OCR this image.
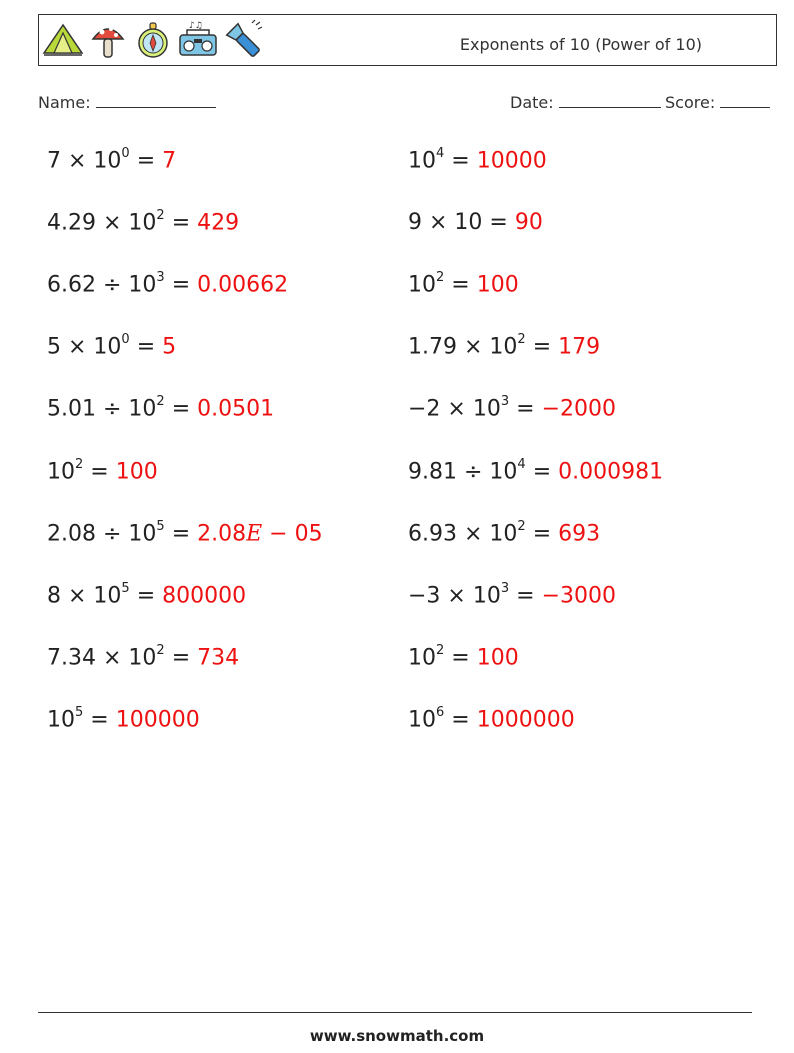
♪♫
Exponents of 10 (Power of 10)
Name:	Date:	Score:
$7 \times 10^0 = 7$
$4.29 \times 10^2 = 429$
$6.62 \div 10^3 = 0.00662$
$5 \times 10^0 = 5$
$5.01 \div 10^2 = 0.0501$
$10^2 = 100$
$2.08 \div 10^5 = 2.08E - 05$
$8 \times 10^5 = 800000$
$7.34 \times 10^2 = 734$
$10^5 = 100000$
$10^4 = 10000$
9 × 10 = 90
$10^2 = 100$
$1.79 \times 10^2 = 179$
$-2 \times 10^3 = -2000$
$9.81 \div 10^4 = 0.000981$
$6.93 \times 10^2 = 693$
$-3 \times 10^3 = -3000$
$10^2 = 100$
$10^6 = 1000000$
www.snowmath.com
